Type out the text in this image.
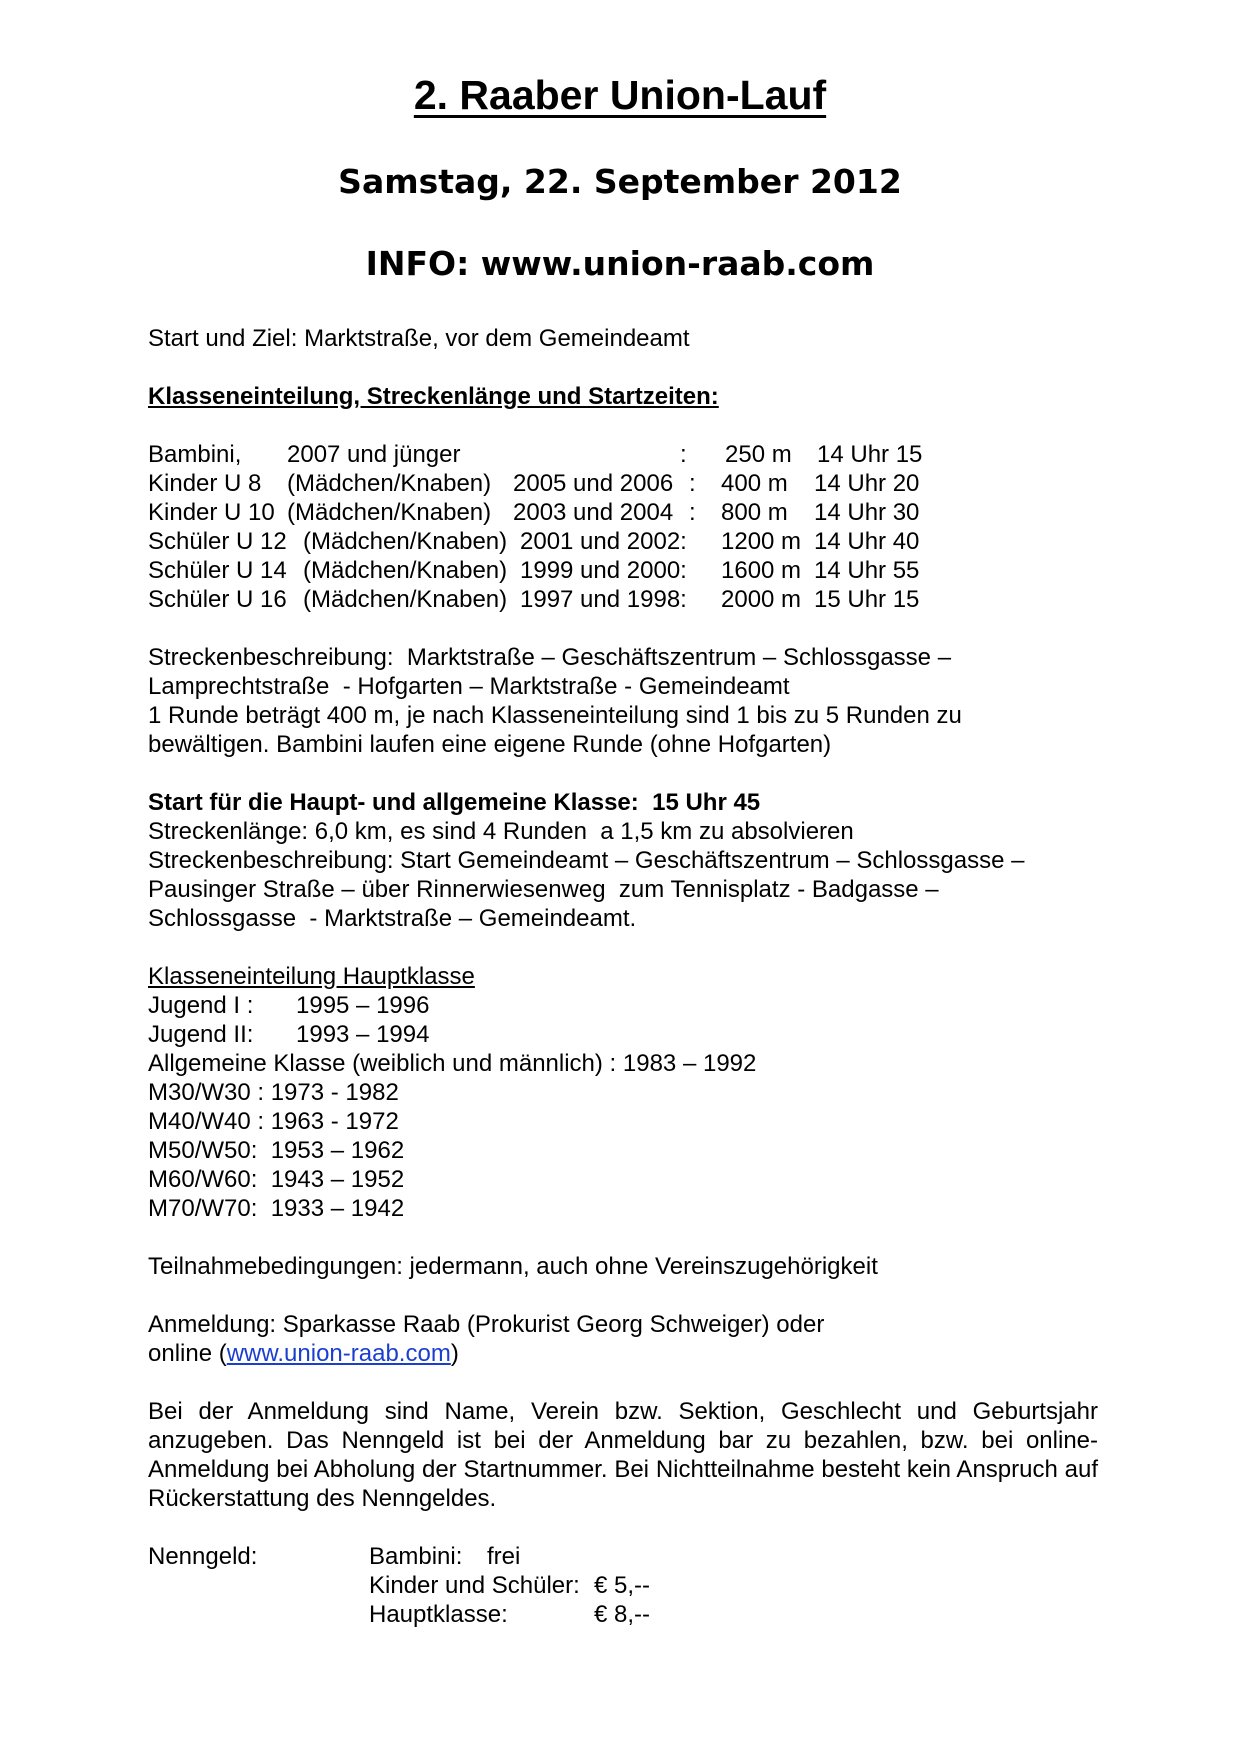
2. Raaber Union-Lauf
Samstag, 22. September 2012
INFO: www.union-raab.com
Start und Ziel: Marktstraße, vor dem Gemeindeamt
Klasseneinteilung, Streckenlänge und Startzeiten:
Bambini, 2007 und jünger	: 250 m 14 Uhr 15
Kinder U 8 (Mädchen/Knaben) 2005 und 2006 : 400 m 14 Uhr 20
Kinder U 10 (Mädchen/Knaben) 2003 und 2004 : 800 m 14 Uhr 30
Schüler U 12 (Mädchen/Knaben) 2001 und 2002: 1200 m 14 Uhr 40
Schüler U 14 (Mädchen/Knaben) 1999 und 2000: 1600 m 14 Uhr 55
Schüler U 16 (Mädchen/Knaben) 1997 und 1998: 2000 m 15 Uhr 15
Streckenbeschreibung:  Marktstraße – Geschäftszentrum – Schlossgasse –
Lamprechtstraße  - Hofgarten – Marktstraße - Gemeindeamt
1 Runde beträgt 400 m, je nach Klasseneinteilung sind 1 bis zu 5 Runden zu
bewältigen. Bambini laufen eine eigene Runde (ohne Hofgarten)
Start für die Haupt- und allgemeine Klasse:  15 Uhr 45
Streckenlänge: 6,0 km, es sind 4 Runden  a 1,5 km zu absolvieren
Streckenbeschreibung: Start Gemeindeamt – Geschäftszentrum – Schlossgasse –
Pausinger Straße – über Rinnerwiesenweg  zum Tennisplatz - Badgasse –
Schlossgasse  - Marktstraße – Gemeindeamt.
Klasseneinteilung Hauptklasse
Jugend I : 1995 – 1996
Jugend II: 1993 – 1994
Allgemeine Klasse (weiblich und männlich) : 1983 – 1992
M30/W30 : 1973 - 1982
M40/W40 : 1963 - 1972
M50/W50:  1953 – 1962
M60/W60:  1943 – 1952
M70/W70:  1933 – 1942
Teilnahmebedingungen: jedermann, auch ohne Vereinszugehörigkeit
Anmeldung: Sparkasse Raab (Prokurist Georg Schweiger) oder
online (www.union-raab.com)
Bei der Anmeldung sind Name, Verein bzw. Sektion, Geschlecht und Geburtsjahr anzugeben. Das Nenngeld ist bei der Anmeldung bar zu bezahlen, bzw. bei online-Anmeldung bei Abholung der Startnummer. Bei Nichtteilnahme besteht kein Anspruch auf Rückerstattung des Nenngeldes.
Nenngeld:	Bambini: frei
Kinder und Schüler: € 5,--
Hauptklasse:	€ 8,--
